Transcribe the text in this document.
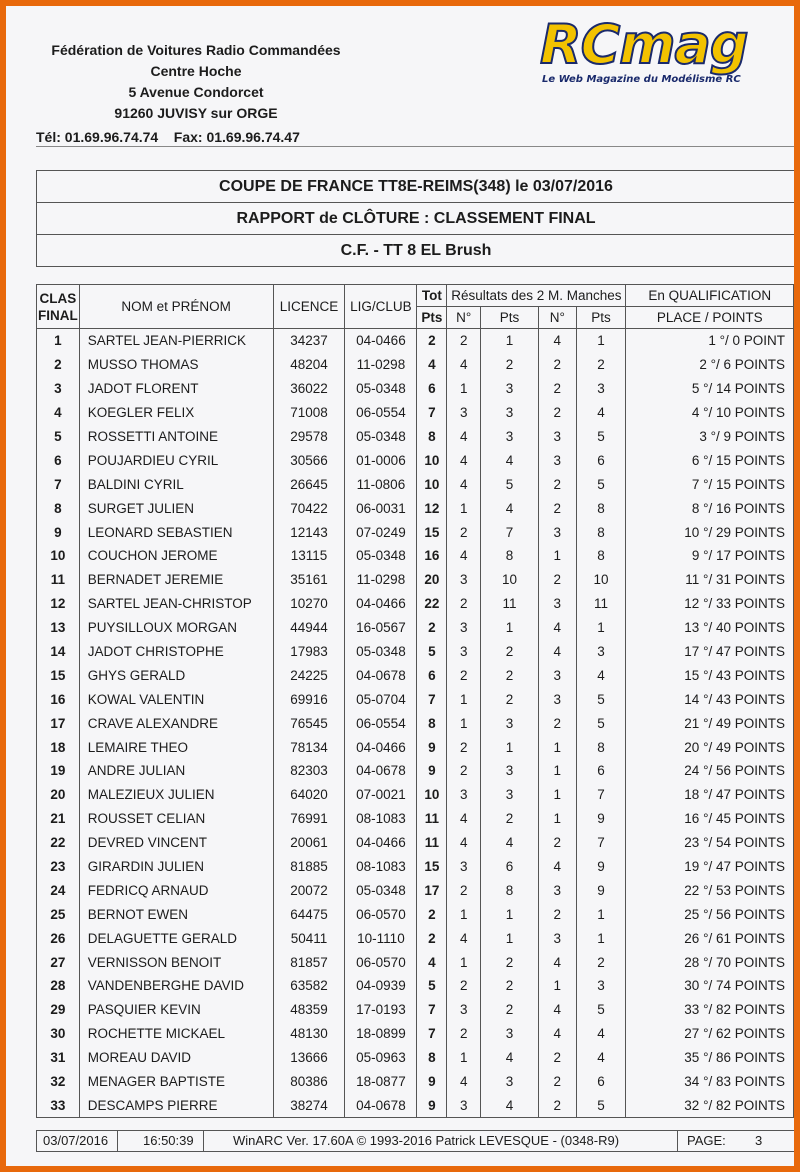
Fédération de Voitures Radio Commandées
Centre Hoche
5 Avenue Condorcet
91260 JUVISY sur ORGE
Tél: 01.69.96.74.74 Fax: 01.69.96.74.47
RCmag
Le Web Magazine du Modélisme RC
COUPE DE FRANCE TT8E-REIMS(348) le 03/07/2016
RAPPORT de CLÔTURE : CLASSEMENT FINAL
C.F. - TT 8 EL Brush
CLAS FINAL	NOM et PRÉNOM	LICENCE	LIG/CLUB	Tot	Résultats des 2 M. Manches				En QUALIFICATION
				Pts	N°	Pts	N°	Pts	PLACE / POINTS
1	SARTEL JEAN-PIERRICK	34237	04-0466	2	2	1	4	1	1 °/ 0 POINT
2	MUSSO THOMAS	48204	11-0298	4	4	2	2	2	2 °/ 6 POINTS
3	JADOT FLORENT	36022	05-0348	6	1	3	2	3	5 °/ 14 POINTS
4	KOEGLER FELIX	71008	06-0554	7	3	3	2	4	4 °/ 10 POINTS
5	ROSSETTI ANTOINE	29578	05-0348	8	4	3	3	5	3 °/ 9 POINTS
6	POUJARDIEU CYRIL	30566	01-0006	10	4	4	3	6	6 °/ 15 POINTS
7	BALDINI CYRIL	26645	11-0806	10	4	5	2	5	7 °/ 15 POINTS
8	SURGET JULIEN	70422	06-0031	12	1	4	2	8	8 °/ 16 POINTS
9	LEONARD SEBASTIEN	12143	07-0249	15	2	7	3	8	10 °/ 29 POINTS
10	COUCHON JEROME	13115	05-0348	16	4	8	1	8	9 °/ 17 POINTS
11	BERNADET JEREMIE	35161	11-0298	20	3	10	2	10	11 °/ 31 POINTS
12	SARTEL JEAN-CHRISTOP	10270	04-0466	22	2	11	3	11	12 °/ 33 POINTS
13	PUYSILLOUX MORGAN	44944	16-0567	2	3	1	4	1	13 °/ 40 POINTS
14	JADOT CHRISTOPHE	17983	05-0348	5	3	2	4	3	17 °/ 47 POINTS
15	GHYS GERALD	24225	04-0678	6	2	2	3	4	15 °/ 43 POINTS
16	KOWAL VALENTIN	69916	05-0704	7	1	2	3	5	14 °/ 43 POINTS
17	CRAVE ALEXANDRE	76545	06-0554	8	1	3	2	5	21 °/ 49 POINTS
18	LEMAIRE THEO	78134	04-0466	9	2	1	1	8	20 °/ 49 POINTS
19	ANDRE JULIAN	82303	04-0678	9	2	3	1	6	24 °/ 56 POINTS
20	MALEZIEUX JULIEN	64020	07-0021	10	3	3	1	7	18 °/ 47 POINTS
21	ROUSSET CELIAN	76991	08-1083	11	4	2	1	9	16 °/ 45 POINTS
22	DEVRED VINCENT	20061	04-0466	11	4	4	2	7	23 °/ 54 POINTS
23	GIRARDIN JULIEN	81885	08-1083	15	3	6	4	9	19 °/ 47 POINTS
24	FEDRICQ ARNAUD	20072	05-0348	17	2	8	3	9	22 °/ 53 POINTS
25	BERNOT EWEN	64475	06-0570	2	1	1	2	1	25 °/ 56 POINTS
26	DELAGUETTE GERALD	50411	10-1110	2	4	1	3	1	26 °/ 61 POINTS
27	VERNISSON BENOIT	81857	06-0570	4	1	2	4	2	28 °/ 70 POINTS
28	VANDENBERGHE DAVID	63582	04-0939	5	2	2	1	3	30 °/ 74 POINTS
29	PASQUIER KEVIN	48359	17-0193	7	3	2	4	5	33 °/ 82 POINTS
30	ROCHETTE MICKAEL	48130	18-0899	7	2	3	4	4	27 °/ 62 POINTS
31	MOREAU DAVID	13666	05-0963	8	1	4	2	4	35 °/ 86 POINTS
32	MENAGER BAPTISTE	80386	18-0877	9	4	3	2	6	34 °/ 83 POINTS
33	DESCAMPS PIERRE	38274	04-0678	9	3	4	2	5	32 °/ 82 POINTS
03/07/2016	16:50:39	WinARC Ver. 17.60A © 1993-2016 Patrick LEVESQUE - (0348-R9)	PAGE: 3
